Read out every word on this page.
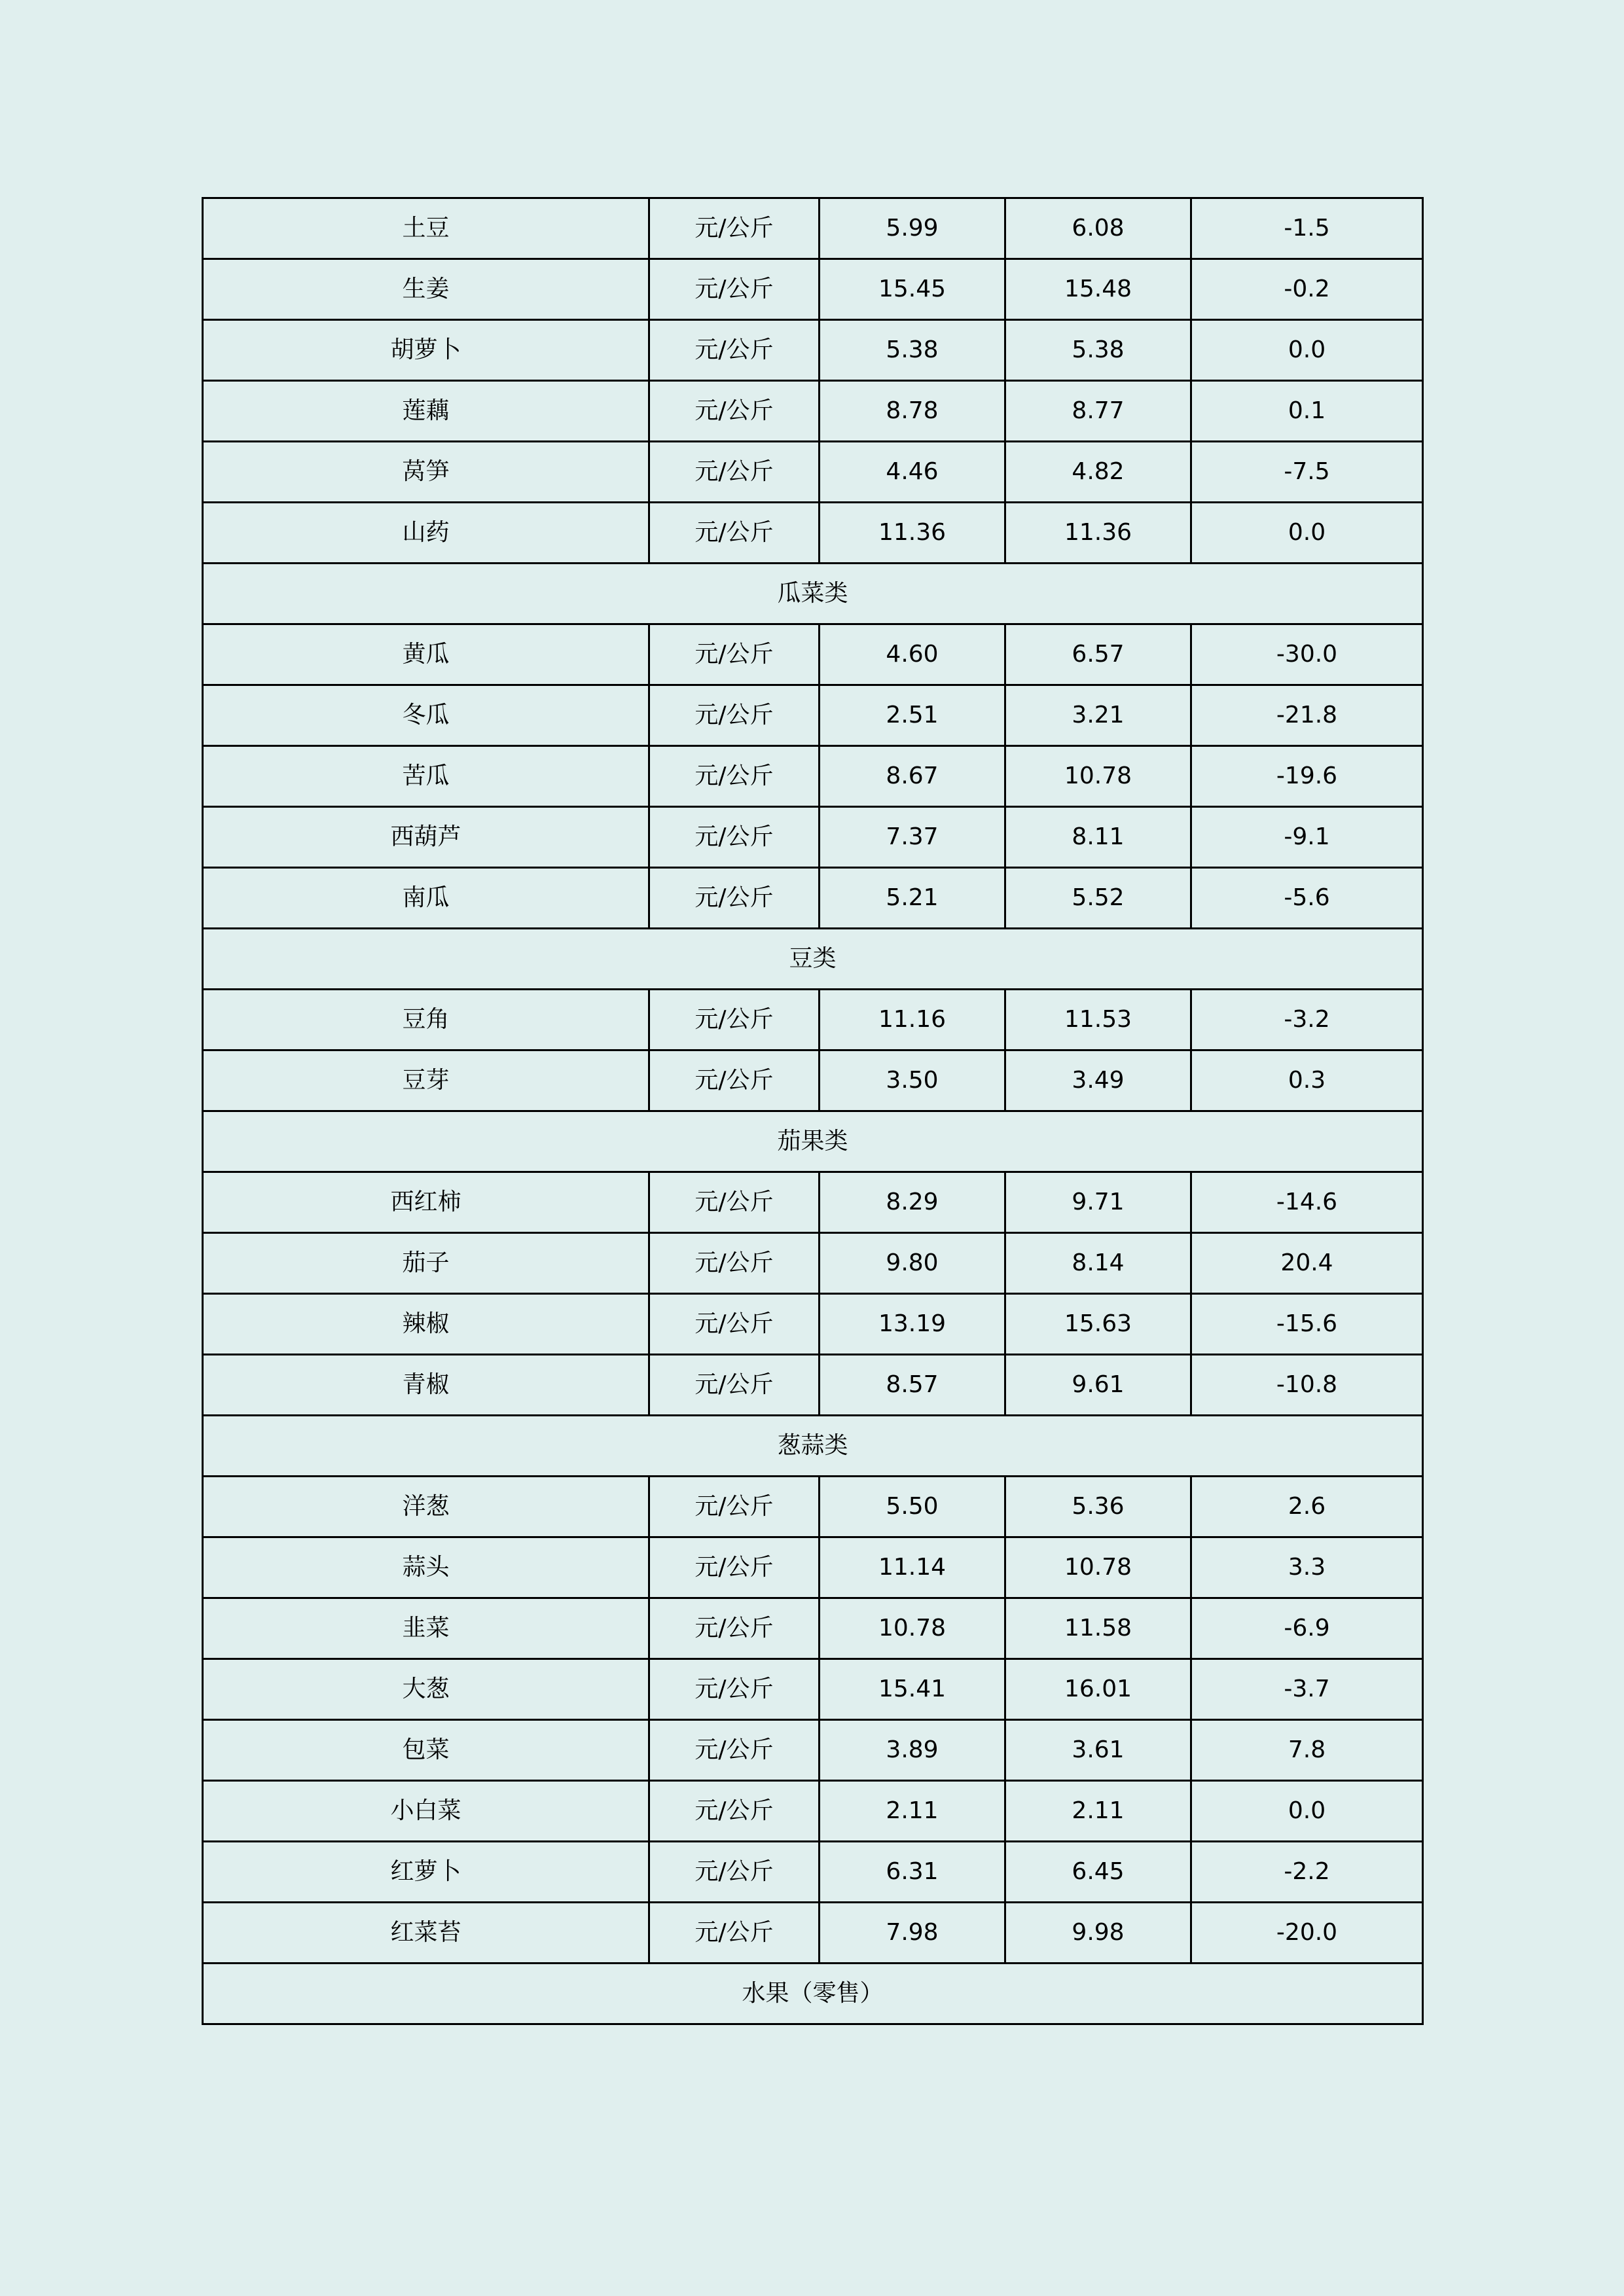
土豆	元/公斤	5.99	6.08	-1.5
生姜	元/公斤	15.45	15.48	-0.2
胡萝卜	元/公斤	5.38	5.38	0.0
莲藕	元/公斤	8.78	8.77	0.1
莴笋	元/公斤	4.46	4.82	-7.5
山药	元/公斤	11.36	11.36	0.0
瓜菜类				
黄瓜	元/公斤	4.60	6.57	-30.0
冬瓜	元/公斤	2.51	3.21	-21.8
苦瓜	元/公斤	8.67	10.78	-19.6
西葫芦	元/公斤	7.37	8.11	-9.1
南瓜	元/公斤	5.21	5.52	-5.6
豆类				
豆角	元/公斤	11.16	11.53	-3.2
豆芽	元/公斤	3.50	3.49	0.3
茄果类				
西红柿	元/公斤	8.29	9.71	-14.6
茄子	元/公斤	9.80	8.14	20.4
辣椒	元/公斤	13.19	15.63	-15.6
青椒	元/公斤	8.57	9.61	-10.8
葱蒜类				
洋葱	元/公斤	5.50	5.36	2.6
蒜头	元/公斤	11.14	10.78	3.3
韭菜	元/公斤	10.78	11.58	-6.9
大葱	元/公斤	15.41	16.01	-3.7
包菜	元/公斤	3.89	3.61	7.8
小白菜	元/公斤	2.11	2.11	0.0
红萝卜	元/公斤	6.31	6.45	-2.2
红菜苔	元/公斤	7.98	9.98	-20.0
水果（零售）				
